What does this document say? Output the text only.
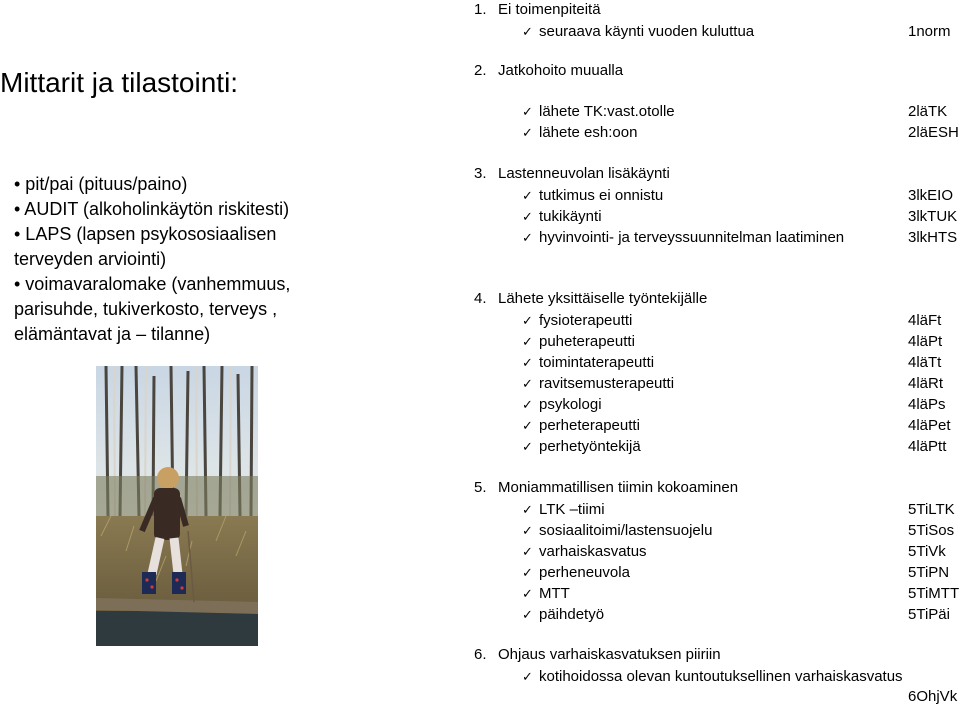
Mittarit ja tilastointi:
• pit/pai (pituus/paino)
• AUDIT (alkoholinkäytön riskitesti)
• LAPS (lapsen psykososiaalisen
terveyden arviointi)
• voimavaralomake (vanhemmuus,
parisuhde, tukiverkosto, terveys ,
elämäntavat ja – tilanne)
1. Ei toimenpiteitä
✓ seuraava käynti vuoden kuluttua	1norm
2. Jatkohoito muualla
✓ lähete TK:vast.otolle	2läTK
✓ lähete esh:oon	2läESH
3. Lastenneuvolan lisäkäynti
✓ tutkimus ei onnistu	3lkEIO
✓ tukikäynti	3lkTUK
✓ hyvinvointi- ja terveyssuunnitelman laatiminen	3lkHTS
4. Lähete yksittäiselle työntekijälle
✓ fysioterapeutti	4läFt
✓ puheterapeutti	4läPt
✓ toimintaterapeutti	4läTt
✓ ravitsemusterapeutti	4läRt
✓ psykologi	4läPs
✓ perheterapeutti	4läPet
✓ perhetyöntekijä	4läPtt
5. Moniammatillisen tiimin kokoaminen
✓ LTK –tiimi	5TiLTK
✓ sosiaalitoimi/lastensuojelu	5TiSos
✓ varhaiskasvatus	5TiVk
✓ perheneuvola	5TiPN
✓ MTT	5TiMTT
✓ päihdetyö	5TiPäi
6. Ohjaus varhaiskasvatuksen piiriin
✓ kotihoidossa olevan kuntoutuksellinen varhaiskasvatus
6OhjVk
